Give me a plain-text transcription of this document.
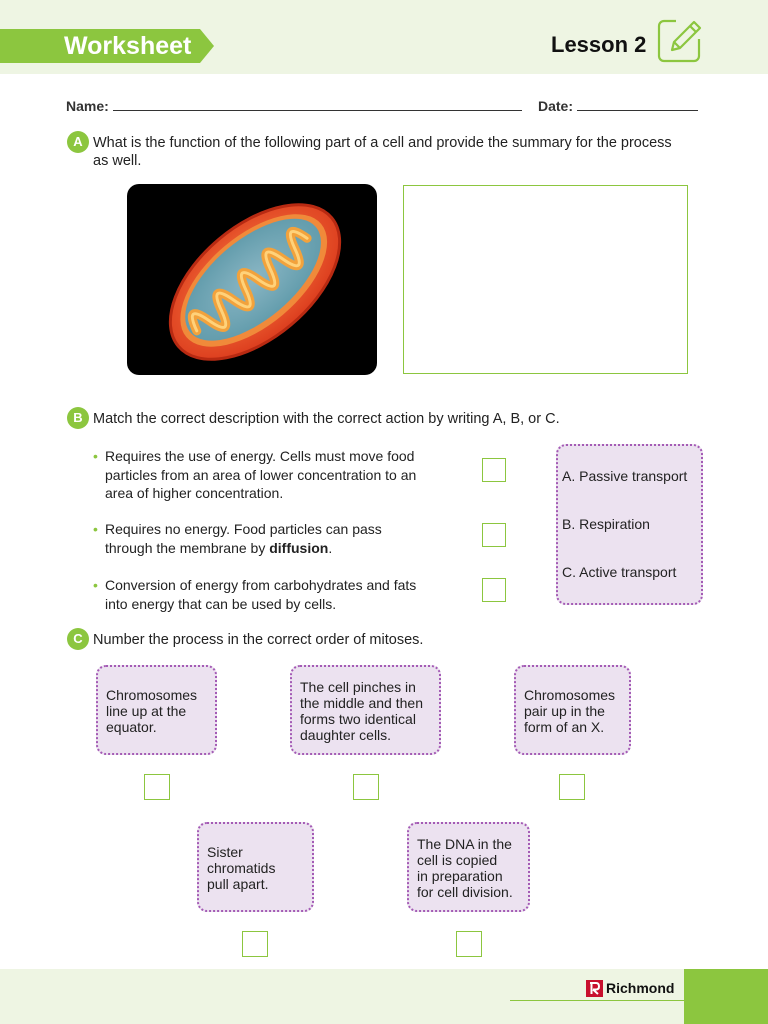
Worksheet	Lesson 2
Name:	Date:
A What is the function of the following part of a cell and provide the summary for the process
as well.
B Match the correct description with the correct action by writing A, B, or C.
• Requires the use of energy. Cells must move food
particles from an area of lower concentration to an
area of higher concentration.
• Requires no energy. Food particles can pass
through the membrane by diffusion.
• Conversion of energy from carbohydrates and fats
into energy that can be used by cells.
A. Passive transport
B. Respiration
C. Active transport
C Number the process in the correct order of mitoses.
Chromosomes
line up at the
equator.
The cell pinches in
the middle and then
forms two identical
daughter cells.
Chromosomes
pair up in the
form of an X.
Sister
chromatids
pull apart.
The DNA in the
cell is copied
in preparation
for cell division.
Richmond
